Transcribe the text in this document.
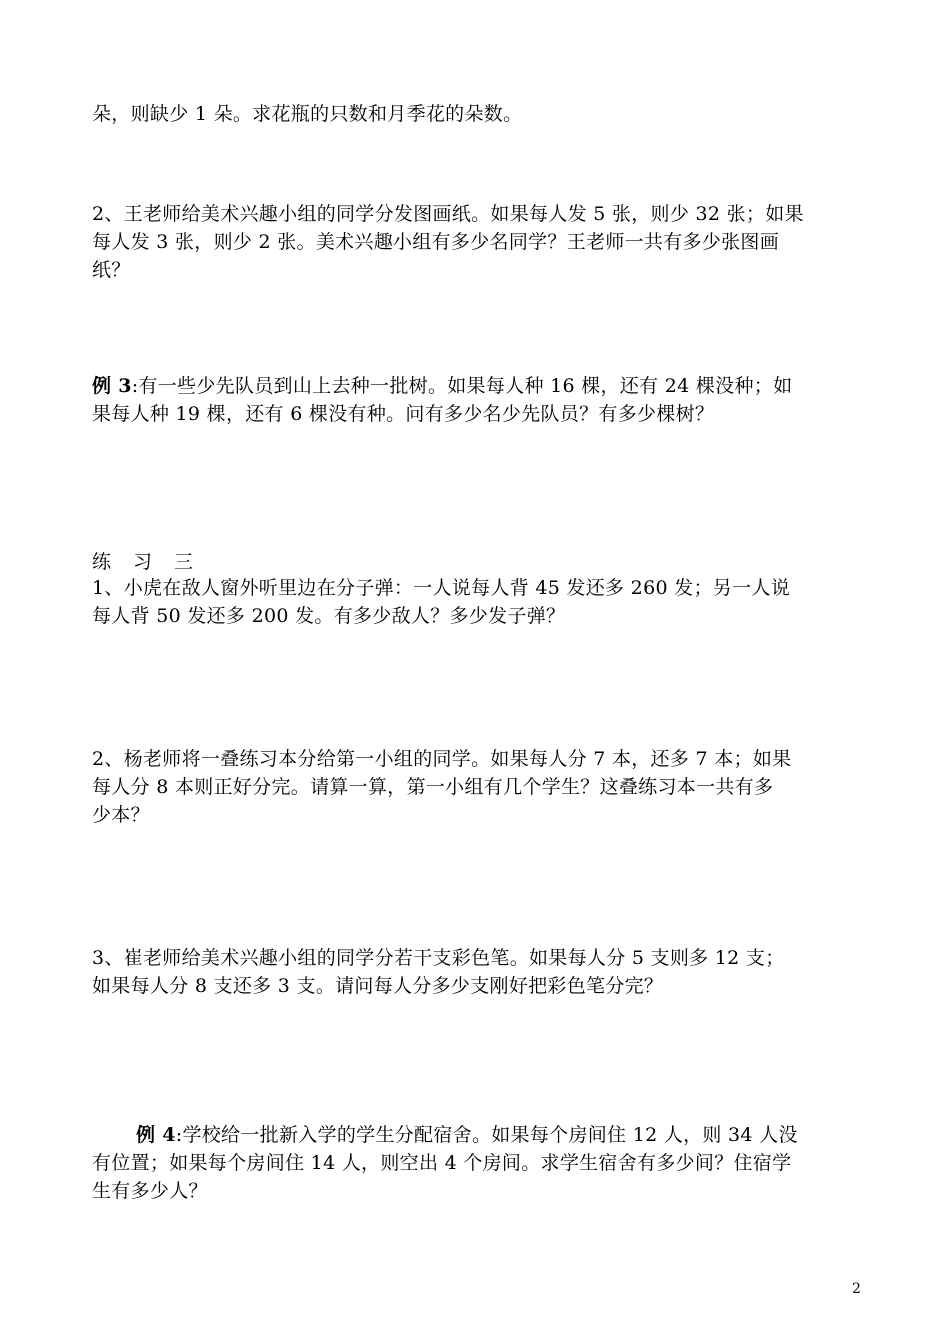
朵，则缺少 1 朵。求花瓶的只数和月季花的朵数。
2、王老师给美术兴趣小组的同学分发图画纸。如果每人发 5 张，则少 32 张；如果
每人发 3 张，则少 2 张。美术兴趣小组有多少名同学？王老师一共有多少张图画
纸？
例 3:有一些少先队员到山上去种一批树。如果每人种 16 棵，还有 24 棵没种；如
果每人种 19 棵，还有 6 棵没有种。问有多少名少先队员？有多少棵树？
练 习 三
1、小虎在敌人窗外听里边在分子弹：一人说每人背 45 发还多 260 发；另一人说
每人背 50 发还多 200 发。有多少敌人？多少发子弹？
2、杨老师将一叠练习本分给第一小组的同学。如果每人分 7 本，还多 7 本；如果
每人分 8 本则正好分完。请算一算，第一小组有几个学生？这叠练习本一共有多
少本？
3、崔老师给美术兴趣小组的同学分若干支彩色笔。如果每人分 5 支则多 12 支；
如果每人分 8 支还多 3 支。请问每人分多少支刚好把彩色笔分完？
例 4:学校给一批新入学的学生分配宿舍。如果每个房间住 12 人，则 34 人没
有位置；如果每个房间住 14 人，则空出 4 个房间。求学生宿舍有多少间？住宿学
生有多少人？
2
